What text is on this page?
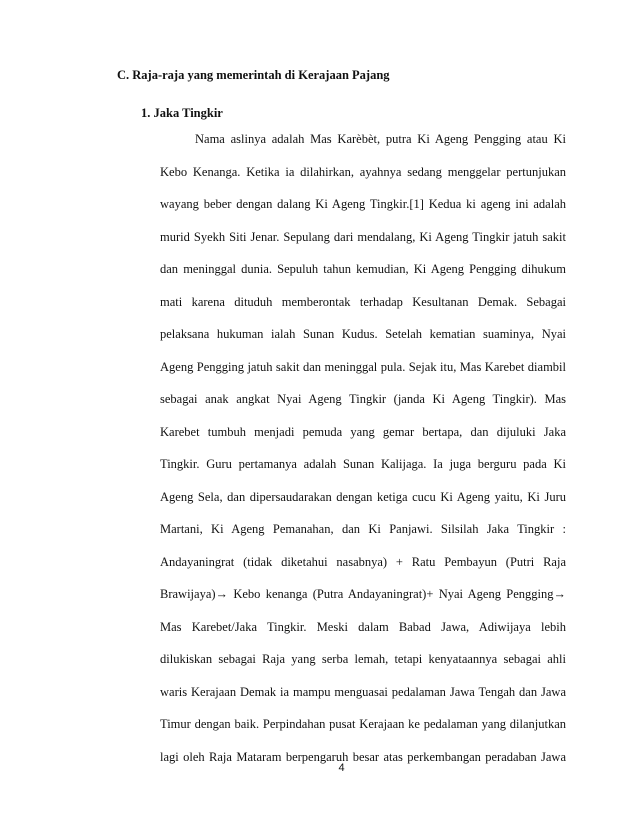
C. Raja-raja yang memerintah di Kerajaan Pajang
1. Jaka Tingkir
Nama aslinya adalah Mas Karèbèt, putra Ki Ageng Pengging atau Ki
Kebo Kenanga. Ketika ia dilahirkan, ayahnya sedang menggelar pertunjukan
wayang beber dengan dalang Ki Ageng Tingkir.[1] Kedua ki ageng ini adalah
murid Syekh Siti Jenar. Sepulang dari mendalang, Ki Ageng Tingkir jatuh sakit
dan meninggal dunia. Sepuluh tahun kemudian, Ki Ageng Pengging dihukum
mati karena dituduh memberontak terhadap Kesultanan Demak. Sebagai
pelaksana hukuman ialah Sunan Kudus. Setelah kematian suaminya, Nyai
Ageng Pengging jatuh sakit dan meninggal pula. Sejak itu, Mas Karebet diambil
sebagai anak angkat Nyai Ageng Tingkir (janda Ki Ageng Tingkir). Mas
Karebet tumbuh menjadi pemuda yang gemar bertapa, dan dijuluki Jaka
Tingkir. Guru pertamanya adalah Sunan Kalijaga. Ia juga berguru pada Ki
Ageng Sela, dan dipersaudarakan dengan ketiga cucu Ki Ageng yaitu, Ki Juru
Martani, Ki Ageng Pemanahan, dan Ki Panjawi. Silsilah Jaka Tingkir :
Andayaningrat (tidak diketahui nasabnya) + Ratu Pembayun (Putri Raja
Brawijaya)→ Kebo kenanga (Putra Andayaningrat)+ Nyai Ageng Pengging→
Mas Karebet/Jaka Tingkir. Meski dalam Babad Jawa, Adiwijaya lebih
dilukiskan sebagai Raja yang serba lemah, tetapi kenyataannya sebagai ahli
waris Kerajaan Demak ia mampu menguasai pedalaman Jawa Tengah dan Jawa
Timur dengan baik. Perpindahan pusat Kerajaan ke pedalaman yang dilanjutkan
lagi oleh Raja Mataram berpengaruh besar atas perkembangan peradaban Jawa
4
